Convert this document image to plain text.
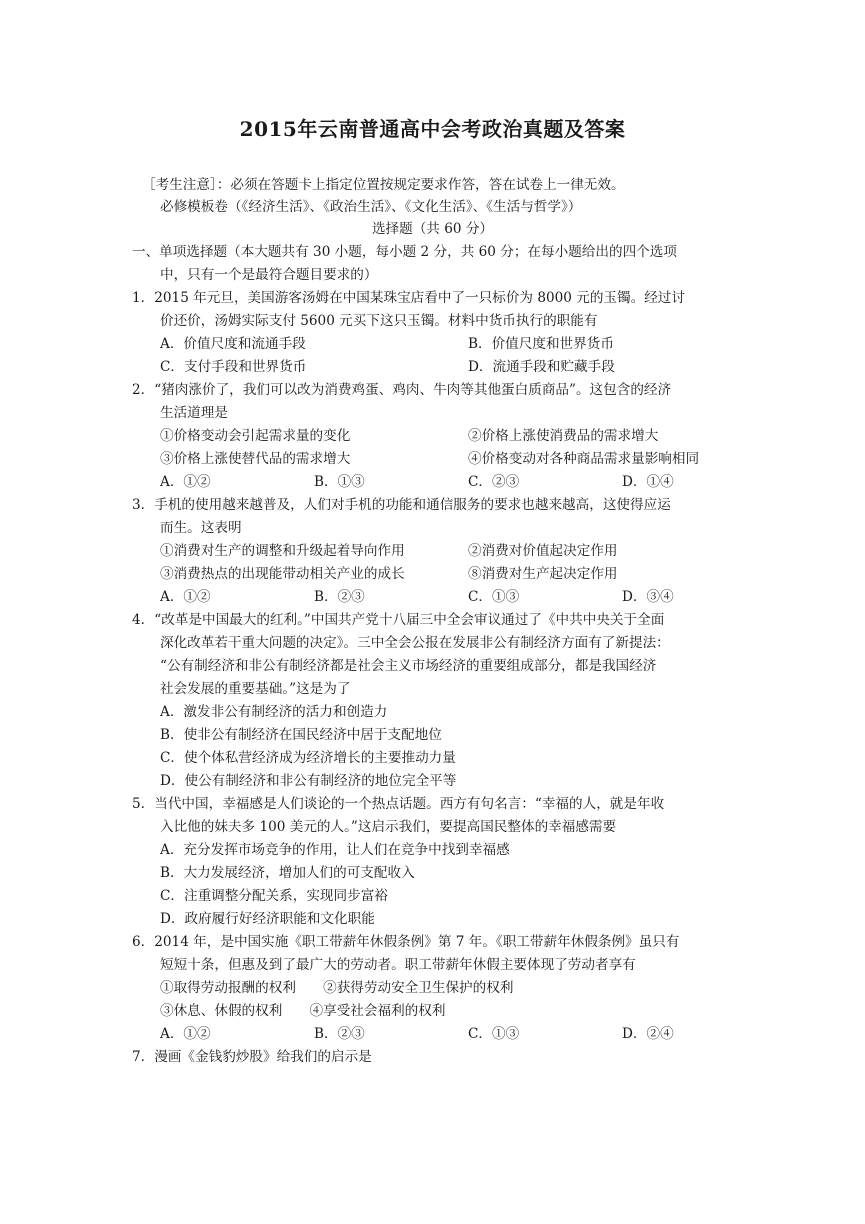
2015年云南普通高中会考政治真题及答案
［考生注意］：必须在答题卡上指定位置按规定要求作答，答在试卷上一律无效。
必修模板卷（《经济生活》、《政治生活》、《文化生活》、《生活与哲学》）
选择题（共 60 分）
一、单项选择题（本大题共有 30 小题，每小题 2 分，共 60 分；在每小题给出的四个选项
中，只有一个是最符合题目要求的）
1．2015 年元旦，美国游客汤姆在中国某珠宝店看中了一只标价为 8000 元的玉镯。经过讨
价还价，汤姆实际支付 5600 元买下这只玉镯。材料中货币执行的职能有
A．价值尺度和流通手段	B．价值尺度和世界货币
C．支付手段和世界货币	D．流通手段和贮藏手段
2．“猪肉涨价了，我们可以改为消费鸡蛋、鸡肉、牛肉等其他蛋白质商品”。这包含的经济
生活道理是
①价格变动会引起需求量的变化	②价格上涨使消费品的需求增大
③价格上涨使替代品的需求增大	④价格变动对各种商品需求量影响相同
A．①②	B．①③	C．②③	D．①④
3．手机的使用越来越普及，人们对手机的功能和通信服务的要求也越来越高，这使得应运
而生。这表明
①消费对生产的调整和升级起着导向作用	②消费对价值起决定作用
③消费热点的出现能带动相关产业的成长	⑧消费对生产起决定作用
A．①②	B．②③	C．①③	D．③④
4．“改革是中国最大的红利。”中国共产党十八届三中全会审议通过了《中共中央关于全面
深化改革若干重大问题的决定》。三中全会公报在发展非公有制经济方面有了新提法：
“公有制经济和非公有制经济都是社会主义市场经济的重要组成部分，都是我国经济
社会发展的重要基础。”这是为了
A．激发非公有制经济的活力和创造力
B．使非公有制经济在国民经济中居于支配地位
C．使个体私营经济成为经济增长的主要推动力量
D．使公有制经济和非公有制经济的地位完全平等
5．当代中国，幸福感是人们谈论的一个热点话题。西方有句名言：“幸福的人，就是年收
入比他的妹夫多 100 美元的人。”这启示我们，要提高国民整体的幸福感需要
A．充分发挥市场竞争的作用，让人们在竞争中找到幸福感
B．大力发展经济，增加人们的可支配收入
C．注重调整分配关系，实现同步富裕
D．政府履行好经济职能和文化职能
6．2014 年，是中国实施《职工带薪年休假条例》第 7 年。《职工带薪年休假条例》虽只有
短短十条，但惠及到了最广大的劳动者。职工带薪年休假主要体现了劳动者享有
①取得劳动报酬的权利　　②获得劳动安全卫生保护的权利
③休息、休假的权利　　④享受社会福利的权利
A．①②	B．②③	C．①③	D．②④
7．漫画《金钱豹炒股》给我们的启示是
